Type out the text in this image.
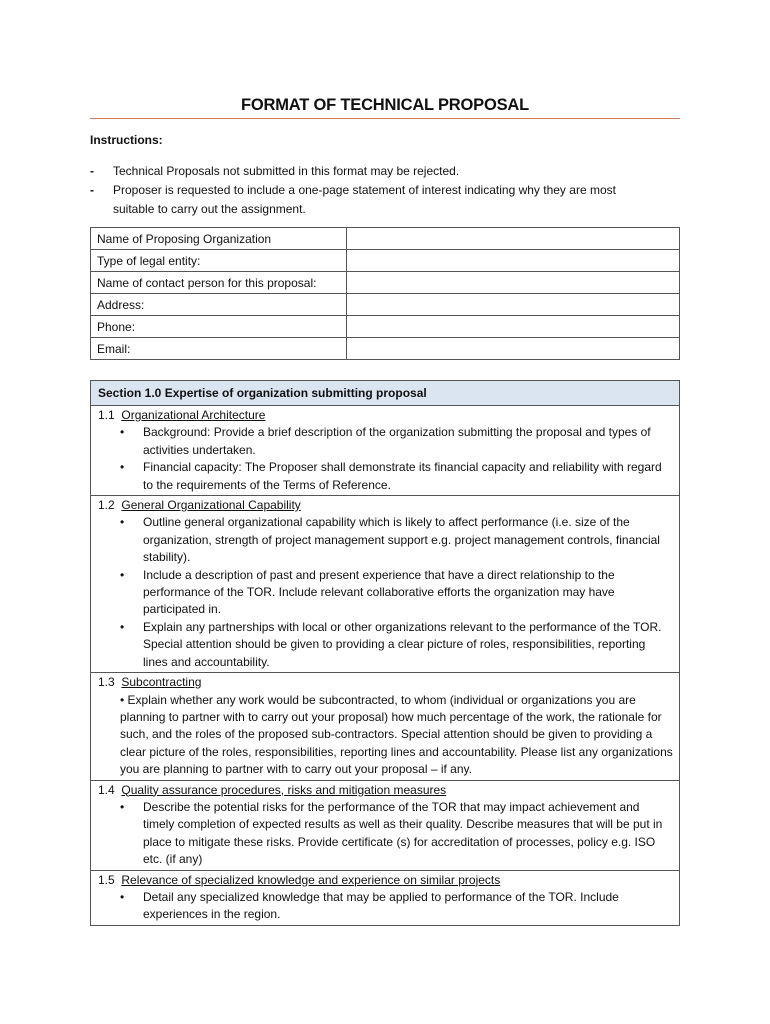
FORMAT OF TECHNICAL PROPOSAL
Instructions:
- Technical Proposals not submitted in this format may be rejected.
- Proposer is requested to include a one-page statement of interest indicating why they are most suitable to carry out the assignment.
Name of Proposing Organization	
Type of legal entity:	
Name of contact person for this proposal:	
Address:	
Phone:	
Email:	
Section 1.0 Expertise of organization submitting proposal
1.1 Organizational Architecture
• Background: Provide a brief description of the organization submitting the proposal and types of activities undertaken.
• Financial capacity: The Proposer shall demonstrate its financial capacity and reliability with regard to the requirements of the Terms of Reference.
1.2 General Organizational Capability
• Outline general organizational capability which is likely to affect performance (i.e. size of the organization, strength of project management support e.g. project management controls, financial stability).
• Include a description of past and present experience that have a direct relationship to the performance of the TOR. Include relevant collaborative efforts the organization may have participated in.
• Explain any partnerships with local or other organizations relevant to the performance of the TOR. Special attention should be given to providing a clear picture of roles, responsibilities, reporting lines and accountability.
1.3 Subcontracting
• Explain whether any work would be subcontracted, to whom (individual or organizations you are planning to partner with to carry out your proposal) how much percentage of the work, the rationale for such, and the roles of the proposed sub-contractors. Special attention should be given to providing a clear picture of the roles, responsibilities, reporting lines and accountability. Please list any organizations you are planning to partner with to carry out your proposal – if any.
1.4 Quality assurance procedures, risks and mitigation measures
• Describe the potential risks for the performance of the TOR that may impact achievement and timely completion of expected results as well as their quality. Describe measures that will be put in place to mitigate these risks. Provide certificate (s) for accreditation of processes, policy e.g. ISO etc. (if any)
1.5 Relevance of specialized knowledge and experience on similar projects
• Detail any specialized knowledge that may be applied to performance of the TOR. Include experiences in the region.
